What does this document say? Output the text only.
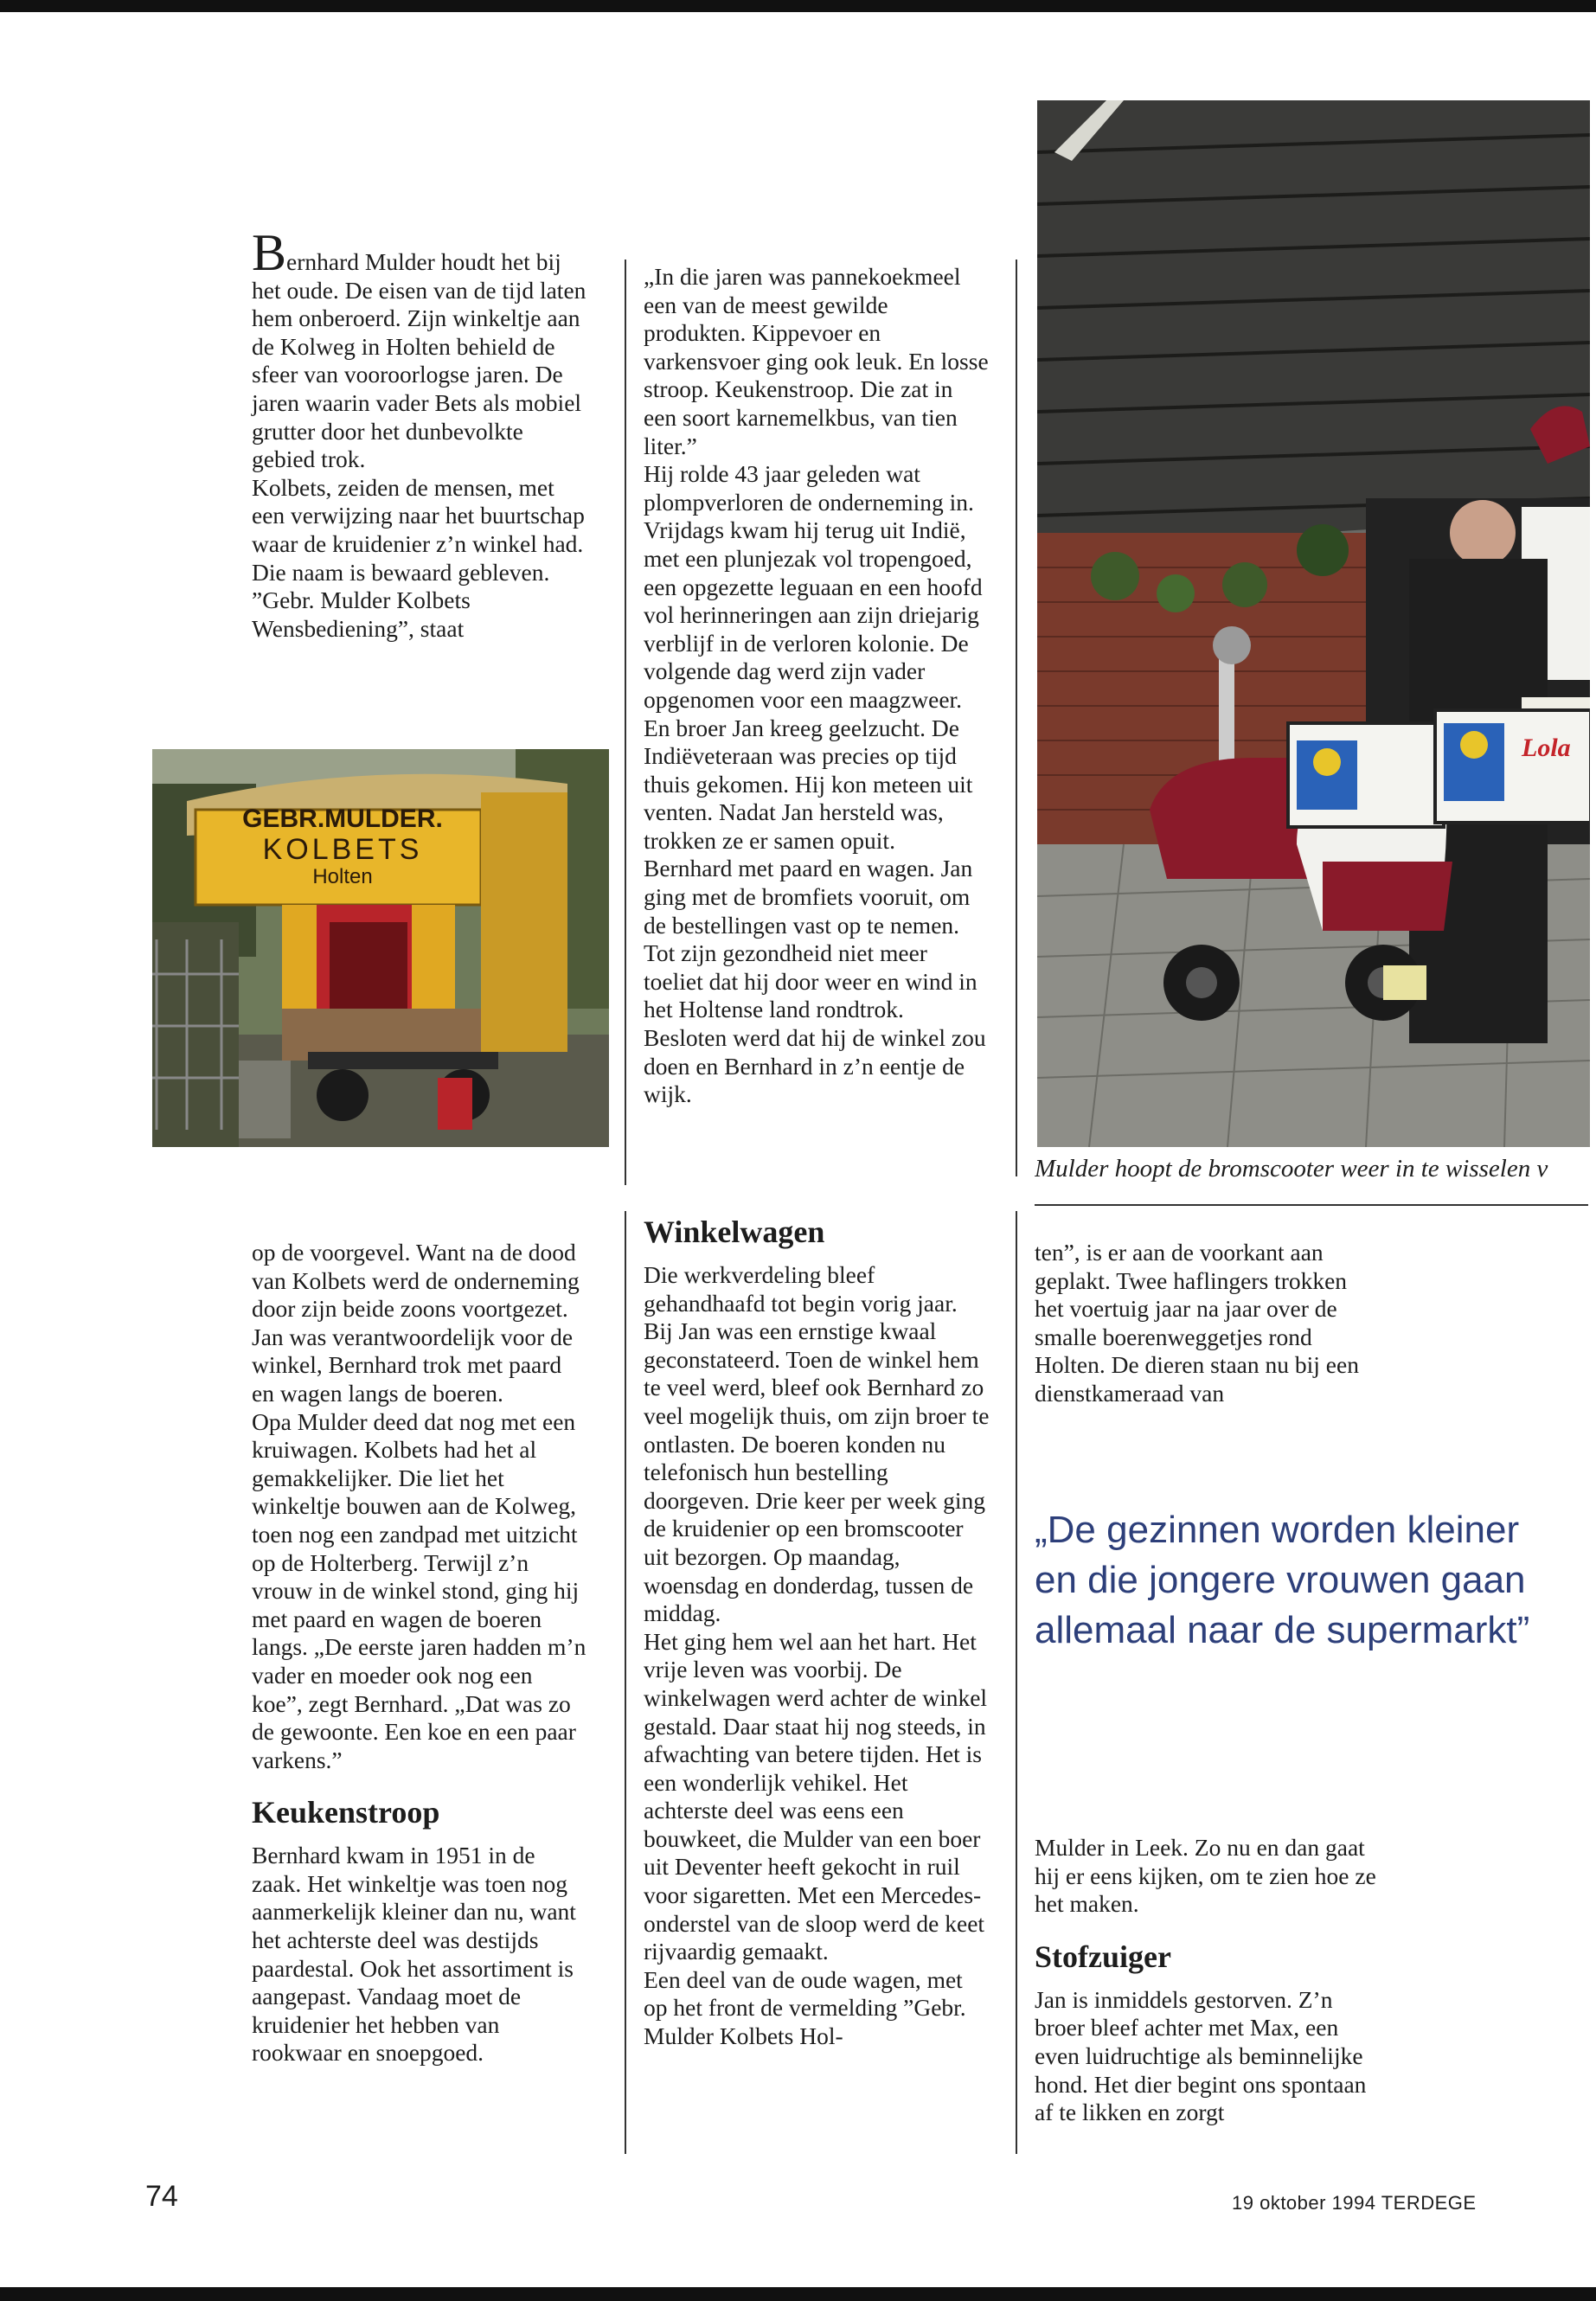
Bernhard Mulder houdt het bij het oude. De eisen van de tijd laten hem onberoerd. Zijn winkeltje aan de Kolweg in Holten behield de sfeer van vooroorlogse jaren. De jaren waarin vader Bets als mobiel grutter door het dunbevolkte gebied trok.

Kolbets, zeiden de mensen, met een verwijzing naar het buurtschap waar de kruidenier z’n winkel had. Die naam is bewaard gebleven. ”Gebr. Mulder Kolbets Wensbediening”, staat

GEBR.MULDER.
KOLBETS
Holten

op de voorgevel. Want na de dood van Kolbets werd de onderneming door zijn beide zoons voortgezet. Jan was verantwoordelijk voor de winkel, Bernhard trok met paard en wagen langs de boeren.

Opa Mulder deed dat nog met een kruiwagen. Kolbets had het al gemakkelijker. Die liet het winkeltje bouwen aan de Kolweg, toen nog een zandpad met uitzicht op de Holterberg. Terwijl z’n vrouw in de winkel stond, ging hij met paard en wagen de boeren langs. „De eerste jaren hadden m’n vader en moeder ook nog een koe”, zegt Bernhard. „Dat was zo de gewoonte. Een koe en een paar varkens.”

Keukenstroop

Bernhard kwam in 1951 in de zaak. Het winkeltje was toen nog aanmerkelijk kleiner dan nu, want het achterste deel was destijds paardestal. Ook het assortiment is aangepast. Vandaag moet de kruidenier het hebben van rookwaar en snoepgoed.

„In die jaren was pannekoekmeel een van de meest gewilde produkten. Kippevoer en varkensvoer ging ook leuk. En losse stroop. Keukenstroop. Die zat in een soort karnemelkbus, van tien liter.”

Hij rolde 43 jaar geleden wat plompverloren de onderneming in. Vrijdags kwam hij terug uit Indië, met een plunjezak vol tropengoed, een opgezette leguaan en een hoofd vol herinneringen aan zijn driejarig verblijf in de verloren kolonie. De volgende dag werd zijn vader opgenomen voor een maagzweer. En broer Jan kreeg geelzucht. De Indiëveteraan was precies op tijd thuis gekomen. Hij kon meteen uit venten. Nadat Jan hersteld was, trokken ze er samen opuit. Bernhard met paard en wagen. Jan ging met de bromfiets vooruit, om de bestellingen vast op te nemen. Tot zijn gezondheid niet meer toeliet dat hij door weer en wind in het Holtense land rondtrok. Besloten werd dat hij de winkel zou doen en Bernhard in z’n eentje de wijk.

Winkelwagen

Die werkverdeling bleef gehandhaafd tot begin vorig jaar. Bij Jan was een ernstige kwaal geconstateerd. Toen de winkel hem te veel werd, bleef ook Bernhard zo veel mogelijk thuis, om zijn broer te ontlasten. De boeren konden nu telefonisch hun bestelling doorgeven. Drie keer per week ging de kruidenier op een bromscooter uit bezorgen. Op maandag, woensdag en donderdag, tussen de middag.

Het ging hem wel aan het hart. Het vrije leven was voorbij. De winkelwagen werd achter de winkel gestald. Daar staat hij nog steeds, in afwachting van betere tijden. Het is een wonderlijk vehikel. Het achterste deel was eens een bouwkeet, die Mulder van een boer uit Deventer heeft gekocht in ruil voor sigaretten. Met een Mercedes-onderstel van de sloop werd de keet rijvaardig gemaakt.

Een deel van de oude wagen, met op het front de vermelding ”Gebr. Mulder Kolbets Hol-

Lola
Mulder hoopt de bromscooter weer in te wisselen v

ten”, is er aan de voorkant aan geplakt. Twee haflingers trokken het voertuig jaar na jaar over de smalle boerenweggetjes rond Holten. De dieren staan nu bij een dienstkameraad van

„De gezinnen worden kleiner en die jongere vrouwen gaan allemaal naar de supermarkt”

Mulder in Leek. Zo nu en dan gaat hij er eens kijken, om te zien hoe ze het maken.

Stofzuiger

Jan is inmiddels gestorven. Z’n broer bleef achter met Max, een even luidruchtige als beminnelijke hond. Het dier begint ons spontaan af te likken en zorgt

74	19 oktober 1994 TERDEGE
